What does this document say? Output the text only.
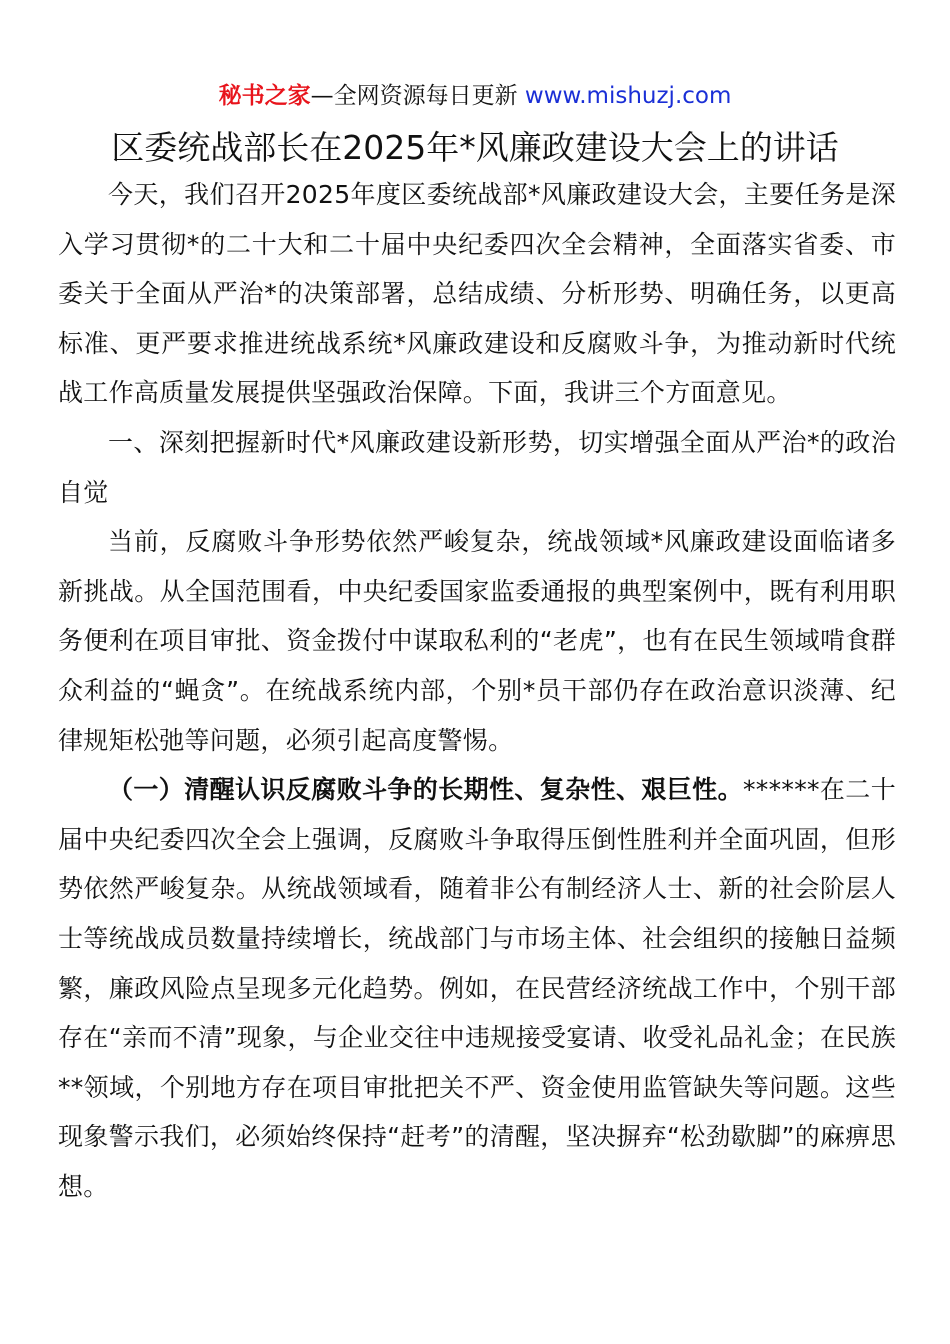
秘书之家—全网资源每日更新 www.mishuzj.com
区委统战部长在2025年*风廉政建设大会上的讲话

今天，我们召开2025年度区委统战部*风廉政建设大会，主要任务是深入学习贯彻*的二十大和二十届中央纪委四次全会精神，全面落实省委、市委关于全面从严治*的决策部署，总结成绩、分析形势、明确任务，以更高标准、更严要求推进统战系统*风廉政建设和反腐败斗争，为推动新时代统战工作高质量发展提供坚强政治保障。下面，我讲三个方面意见。

一、深刻把握新时代*风廉政建设新形势，切实增强全面从严治*的政治自觉

当前，反腐败斗争形势依然严峻复杂，统战领域*风廉政建设面临诸多新挑战。从全国范围看，中央纪委国家监委通报的典型案例中，既有利用职务便利在项目审批、资金拨付中谋取私利的“老虎”，也有在民生领域啃食群众利益的“蝇贪”。在统战系统内部，个别*员干部仍存在政治意识淡薄、纪律规矩松弛等问题，必须引起高度警惕。

（一）清醒认识反腐败斗争的长期性、复杂性、艰巨性。******在二十届中央纪委四次全会上强调，反腐败斗争取得压倒性胜利并全面巩固，但形势依然严峻复杂。从统战领域看，随着非公有制经济人士、新的社会阶层人士等统战成员数量持续增长，统战部门与市场主体、社会组织的接触日益频繁，廉政风险点呈现多元化趋势。例如，在民营经济统战工作中，个别干部存在“亲而不清”现象，与企业交往中违规接受宴请、收受礼品礼金；在民族**领域，个别地方存在项目审批把关不严、资金使用监管缺失等问题。这些现象警示我们，必须始终保持“赶考”的清醒，坚决摒弃“松劲歇脚”的麻痹思想。
